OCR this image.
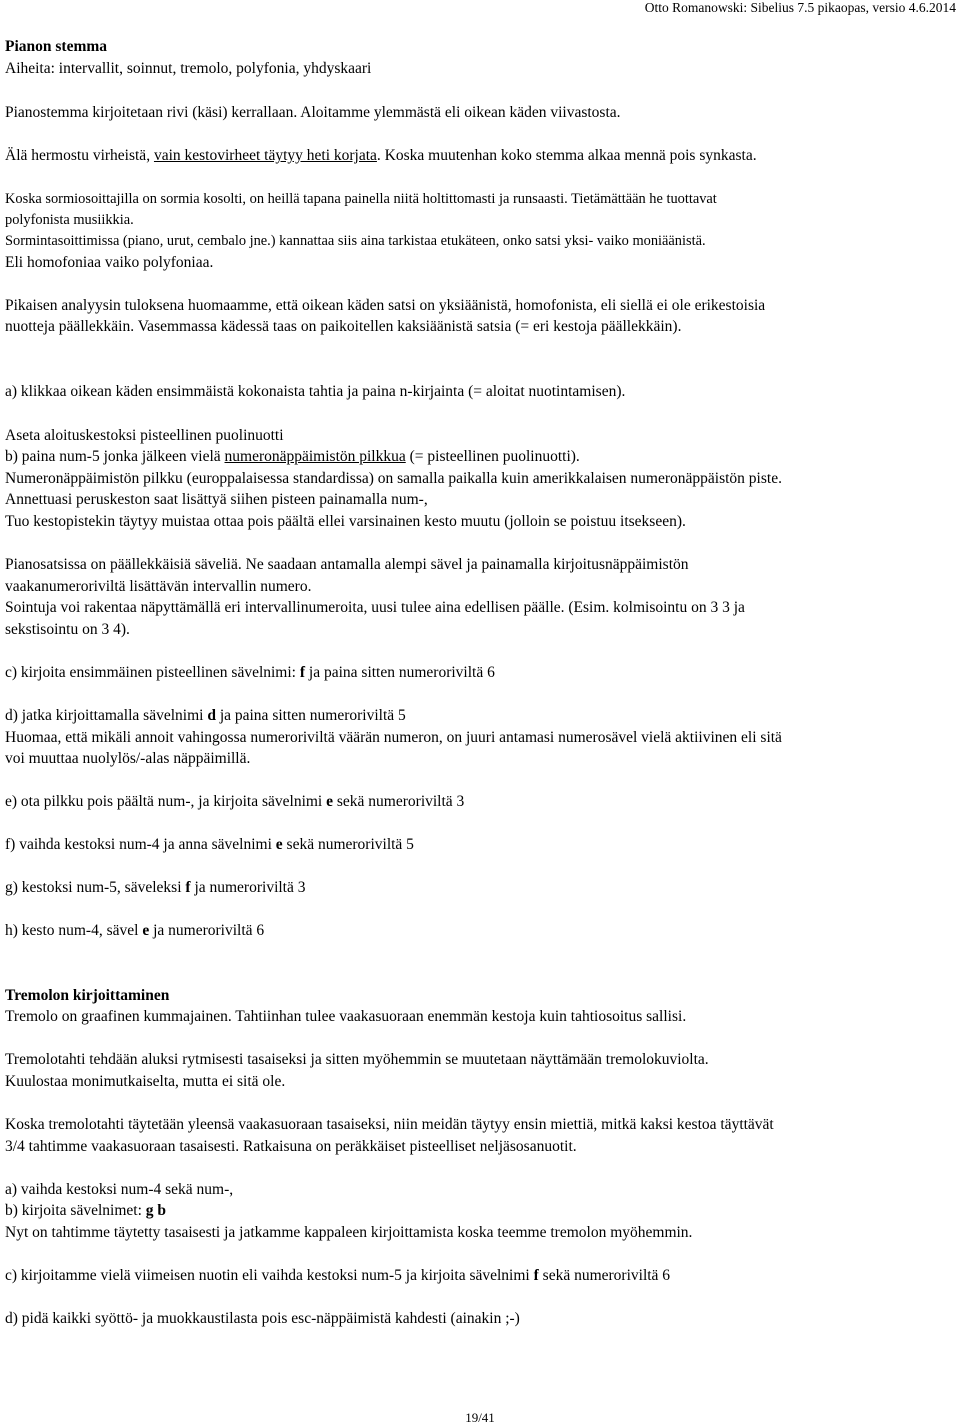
Otto Romanowski: Sibelius 7.5 pikaopas, versio 4.6.2014
Pianon stemma
Aiheita: intervallit, soinnut, tremolo, polyfonia, yhdyskaari
Pianostemma kirjoitetaan rivi (käsi) kerrallaan. Aloitamme ylemmästä eli oikean käden viivastosta.
Älä hermostu virheistä, vain kestovirheet täytyy heti korjata. Koska muutenhan koko stemma alkaa mennä pois synkasta.
Koska sormiosoittajilla on sormia kosolti, on heillä tapana painella niitä holtittomasti ja runsaasti. Tietämättään he tuottavat
polyfonista musiikkia.
Sormintasoittimissa (piano, urut, cembalo jne.) kannattaa siis aina tarkistaa etukäteen, onko satsi yksi- vaiko moniäänistä.
Eli homofoniaa vaiko polyfoniaa.
Pikaisen analyysin tuloksena huomaamme, että oikean käden satsi on yksiäänistä, homofonista, eli siellä ei ole erikestoisia
nuotteja päällekkäin. Vasemmassa kädessä taas on paikoitellen kaksiäänistä satsia (= eri kestoja päällekkäin).
a) klikkaa oikean käden ensimmäistä kokonaista tahtia ja paina n-kirjainta (= aloitat nuotintamisen).
Aseta aloituskestoksi pisteellinen puolinuotti
b) paina num-5 jonka jälkeen vielä numeronäppäimistön pilkkua (= pisteellinen puolinuotti).
Numeronäppäimistön pilkku (europpalaisessa standardissa) on samalla paikalla kuin amerikkalaisen numeronäppäistön piste.
Annettuasi peruskeston saat lisättyä siihen pisteen painamalla num-,
Tuo kestopistekin täytyy muistaa ottaa pois päältä ellei varsinainen kesto muutu (jolloin se poistuu itsekseen).
Pianosatsissa on päällekkäisiä säveliä. Ne saadaan antamalla alempi sävel ja painamalla kirjoitusnäppäimistön
vaakanumeroriviltä lisättävän intervallin numero.
Sointuja voi rakentaa näpyttämällä eri intervallinumeroita, uusi tulee aina edellisen päälle. (Esim. kolmisointu on 3 3 ja
sekstisointu on 3 4).
c) kirjoita ensimmäinen pisteellinen sävelnimi: f ja paina sitten numeroriviltä 6
d) jatka kirjoittamalla sävelnimi d ja paina sitten numeroriviltä 5
Huomaa, että mikäli annoit vahingossa numeroriviltä väärän numeron, on juuri antamasi numerosävel vielä aktiivinen eli sitä
voi muuttaa nuolylös/-alas näppäimillä.
e) ota pilkku pois päältä num-, ja kirjoita sävelnimi e sekä numeroriviltä 3
f) vaihda kestoksi num-4 ja anna sävelnimi e sekä numeroriviltä 5
g) kestoksi num-5, säveleksi f ja numeroriviltä 3
h) kesto num-4, sävel e ja numeroriviltä 6
Tremolon kirjoittaminen
Tremolo on graafinen kummajainen. Tahtiinhan tulee vaakasuoraan enemmän kestoja kuin tahtiosoitus sallisi.
Tremolotahti tehdään aluksi rytmisesti tasaiseksi ja sitten myöhemmin se muutetaan näyttämään tremolokuviolta.
Kuulostaa monimutkaiselta, mutta ei sitä ole.
Koska tremolotahti täytetään yleensä vaakasuoraan tasaiseksi, niin meidän täytyy ensin miettiä, mitkä kaksi kestoa täyttävät
3/4 tahtimme vaakasuoraan tasaisesti. Ratkaisuna on peräkkäiset pisteelliset neljäsosanuotit.
a) vaihda kestoksi num-4 sekä num-,
b) kirjoita sävelnimet: g b
Nyt on tahtimme täytetty tasaisesti ja jatkamme kappaleen kirjoittamista koska teemme tremolon myöhemmin.
c) kirjoitamme vielä viimeisen nuotin eli vaihda kestoksi num-5 ja kirjoita sävelnimi f sekä numeroriviltä 6
d) pidä kaikki syöttö- ja muokkaustilasta pois esc-näppäimistä kahdesti (ainakin ;-)
19/41
